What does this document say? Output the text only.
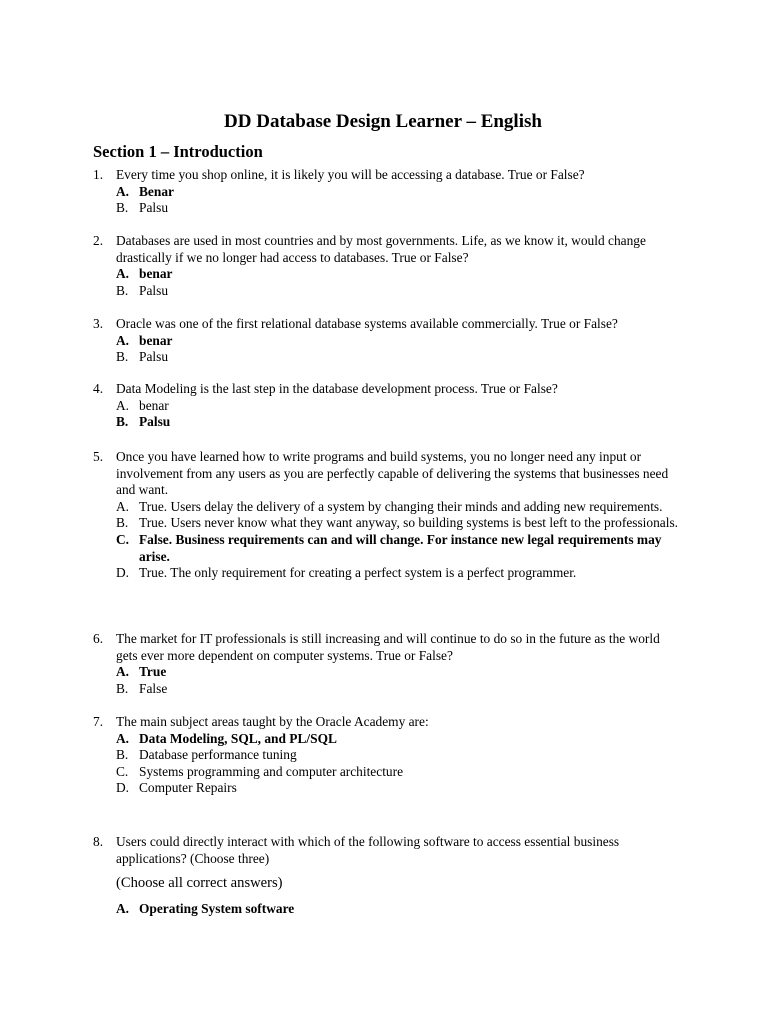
DD Database Design Learner – English
Section 1 – Introduction
1. Every time you shop online, it is likely you will be accessing a database. True or False?
A. Benar
B. Palsu
2. Databases are used in most countries and by most governments. Life, as we know it, would change drastically if we no longer had access to databases. True or False?
A. benar
B. Palsu
3. Oracle was one of the first relational database systems available commercially. True or False?
A. benar
B. Palsu
4. Data Modeling is the last step in the database development process. True or False?
A. benar
B. Palsu
5. Once you have learned how to write programs and build systems, you no longer need any input or involvement from any users as you are perfectly capable of delivering the systems that businesses need and want.
A. True. Users delay the delivery of a system by changing their minds and adding new requirements.
B. True. Users never know what they want anyway, so building systems is best left to the professionals.
C. False. Business requirements can and will change. For instance new legal requirements may arise.
D. True. The only requirement for creating a perfect system is a perfect programmer.
6. The market for IT professionals is still increasing and will continue to do so in the future as the world gets ever more dependent on computer systems. True or False?
A. True
B. False
7. The main subject areas taught by the Oracle Academy are:
A. Data Modeling, SQL, and PL/SQL
B. Database performance tuning
C. Systems programming and computer architecture
D. Computer Repairs
8. Users could directly interact with which of the following software to access essential business applications? (Choose three)
(Choose all correct answers)
A. Operating System software
